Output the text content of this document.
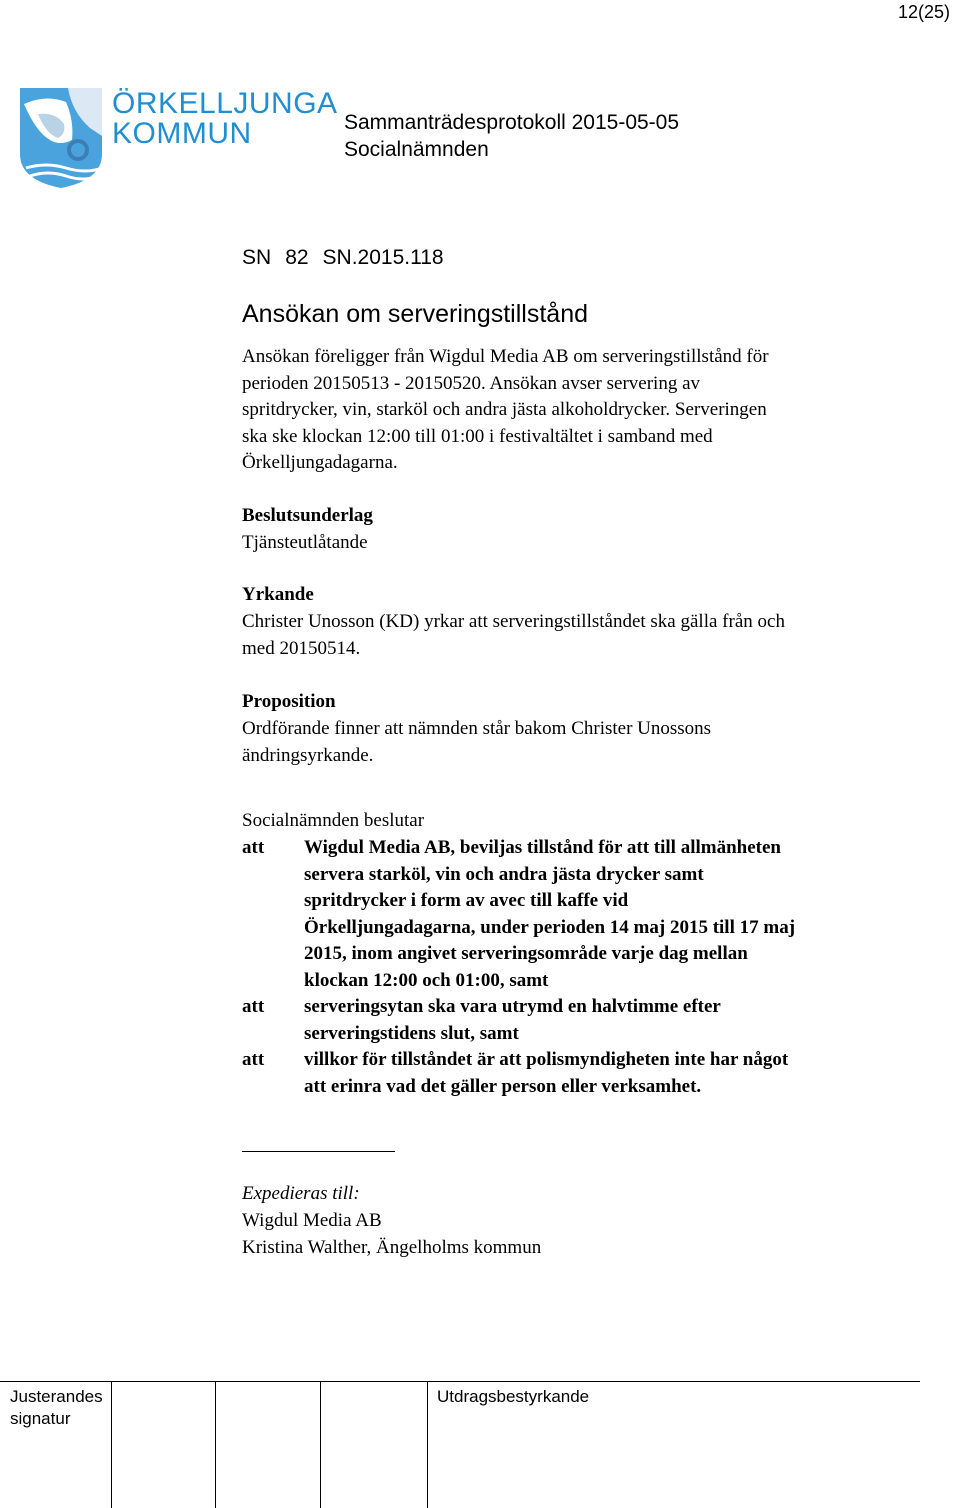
12(25)
ÖRKELLJUNGA
KOMMUN	Sammanträdesprotokoll 2015-05-05
Socialnämnden
SN 82 SN.2015.118
Ansökan om serveringstillstånd
Ansökan föreligger från Wigdul Media AB om serveringstillstånd för
perioden 20150513 - 20150520. Ansökan avser servering av
spritdrycker, vin, starköl och andra jästa alkoholdrycker. Serveringen
ska ske klockan 12:00 till 01:00 i festivaltältet i samband med
Örkelljungadagarna.
Beslutsunderlag
Tjänsteutlåtande
Yrkande
Christer Unosson (KD) yrkar att serveringstillståndet ska gälla från och
med 20150514.
Proposition
Ordförande finner att nämnden står bakom Christer Unossons
ändringsyrkande.
Socialnämnden beslutar
att Wigdul Media AB, beviljas tillstånd för att till allmänheten
servera starköl, vin och andra jästa drycker samt
spritdrycker i form av avec till kaffe vid
Örkelljungadagarna, under perioden 14 maj 2015 till 17 maj
2015, inom angivet serveringsområde varje dag mellan
klockan 12:00 och 01:00, samt
att serveringsytan ska vara utrymd en halvtimme efter
serveringstidens slut, samt
att villkor för tillståndet är att polismyndigheten inte har något
att erinra vad det gäller person eller verksamhet.
Expedieras till:
Wigdul Media AB
Kristina Walther, Ängelholms kommun
Justerandes signatur
Utdragsbestyrkande
